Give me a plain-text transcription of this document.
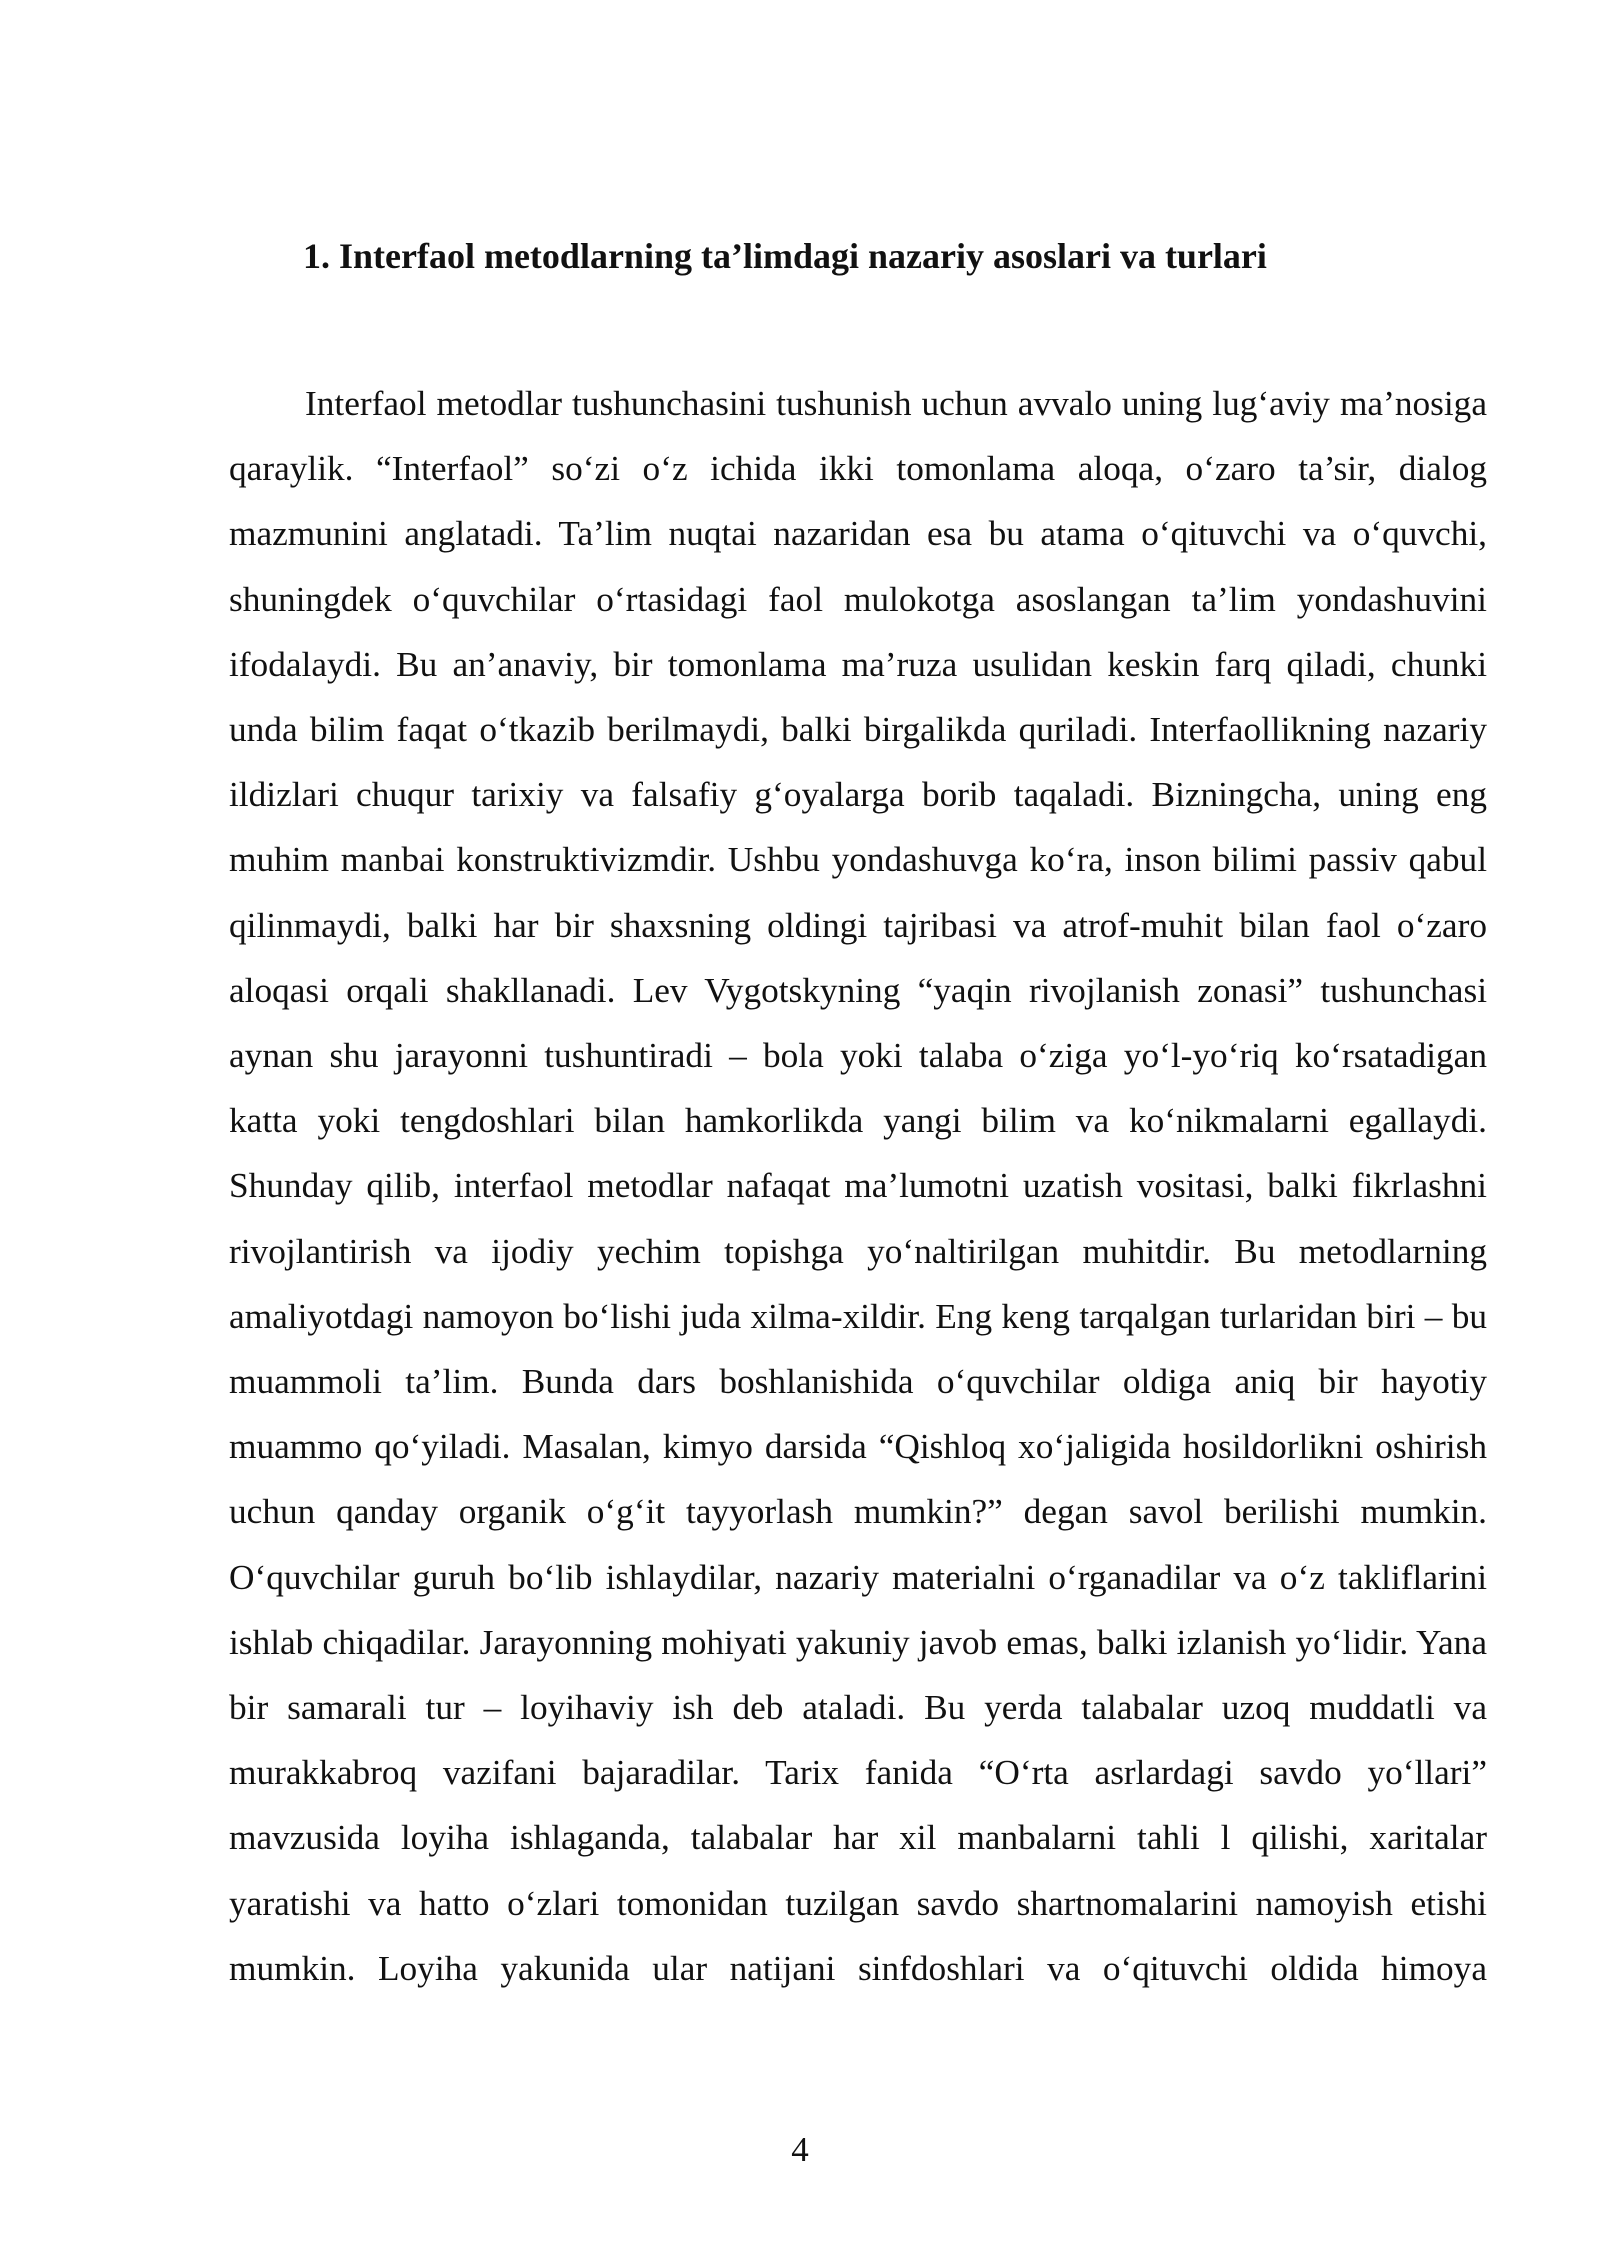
1. Interfaol metodlarning ta’limdagi nazariy asoslari va turlari

Interfaol metodlar tushunchasini tushunish uchun avvalo uning lug‘aviy ma’nosiga qaraylik. “Interfaol” so‘zi o‘z ichida ikki tomonlama aloqa, o‘zaro ta’sir, dialog mazmunini anglatadi. Ta’lim nuqtai nazaridan esa bu atama o‘qituvchi va o‘quvchi, shuningdek o‘quvchilar o‘rtasidagi faol mulokotga asoslangan ta’lim yondashuvini ifodalaydi. Bu an’anaviy, bir tomonlama ma’ruza usulidan keskin farq qiladi, chunki unda bilim faqat o‘tkazib berilmaydi, balki birgalikda quriladi. Interfaollikning nazariy ildizlari chuqur tarixiy va falsafiy g‘oyalarga borib taqaladi. Bizningcha, uning eng muhim manbai konstruktivizmdir. Ushbu yondashuvga ko‘ra, inson bilimi passiv qabul qilinmaydi, balki har bir shaxsning oldingi tajribasi va atrof-muhit bilan faol o‘zaro aloqasi orqali shakllanadi. Lev Vygotskyning “yaqin rivojlanish zonasi” tushunchasi aynan shu jarayonni tushuntiradi – bola yoki talaba o‘ziga yo‘l-yo‘riq ko‘rsatadigan katta yoki tengdoshlari bilan hamkorlikda yangi bilim va ko‘nikmalarni egallaydi. Shunday qilib, interfaol metodlar nafaqat ma’lumotni uzatish vositasi, balki fikrlashni rivojlantirish va ijodiy yechim topishga yo‘naltirilgan muhitdir. Bu metodlarning amaliyotdagi namoyon bo‘lishi juda xilma-xildir. Eng keng tarqalgan turlaridan biri – bu muammoli ta’lim. Bunda dars boshlanishida o‘quvchilar oldiga aniq bir hayotiy muammo qo‘yiladi. Masalan, kimyo darsida “Qishloq xo‘jaligida hosildorlikni oshirish uchun qanday organik o‘g‘it tayyorlash mumkin?” degan savol berilishi mumkin. O‘quvchilar guruh bo‘lib ishlaydilar, nazariy materialni o‘rganadilar va o‘z takliflarini ishlab chiqadilar. Jarayonning mohiyati yakuniy javob emas, balki izlanish yo‘lidir. Yana bir samarali tur – loyihaviy ish deb ataladi. Bu yerda talabalar uzoq muddatli va murakkabroq vazifani bajaradilar. Tarix fanida “O‘rta asrlardagi savdo yo‘llari” mavzusida loyiha ishlaganda, talabalar har xil manbalarni tahli l qilishi, xaritalar yaratishi va hatto o‘zlari tomonidan tuzilgan savdo shartnomalarini namoyish etishi mumkin. Loyiha yakunida ular natijani sinfdoshlari va o‘qituvchi oldida himoya

4
